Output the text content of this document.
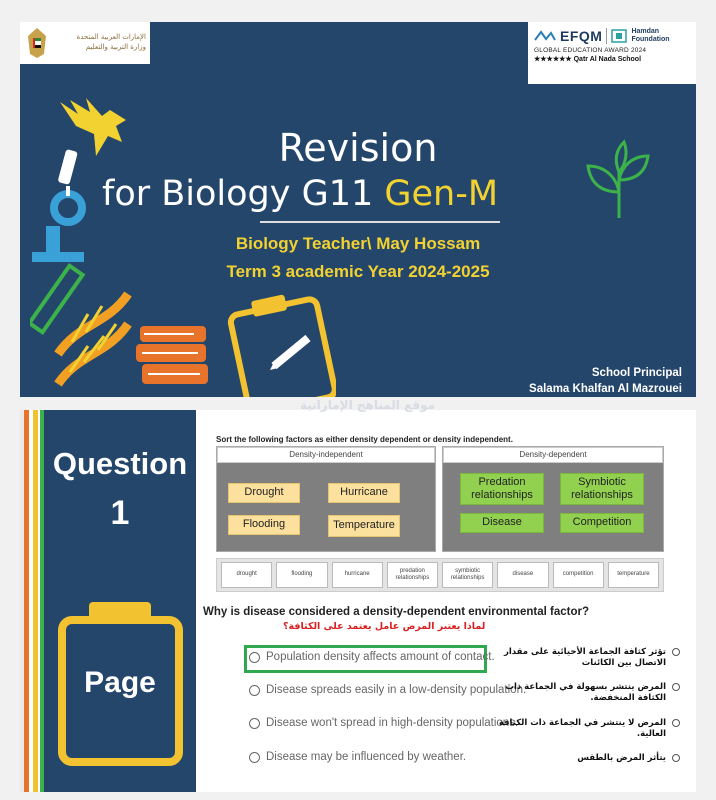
الإمارات العربية المتحدة
وزارة التربية والتعليم
EFQM	Hamdan Foundation
GLOBAL EDUCATION AWARD 2024
★★★★★★ Qatr Al Nada School
Revision
for Biology G11 Gen-M
Biology Teacher\ May Hossam
Term 3 academic Year 2024-2025
School Principal
Salama Khalfan Al Mazrouei
Question
1
Page
Sort the following factors as either density dependent or density independent.
Density-independent
Drought	Hurricane
Flooding	Temperature
Density-dependent
Predation relationships
Symbiotic relationships
Disease	Competition
drought	flooding	hurricane
predation relationships
symbiotic relationships
disease	competition	temperature
Why is disease considered a density-dependent environmental factor?
لماذا يعتبر المرض عامل يعتمد على الكثافة؟
Population density affects amount of contact.
Disease spreads easily in a low-density population.
Disease won't spread in high-density populations.
Disease may be influenced by weather.
تؤثر كثافة الجماعة الأحيائية على مقدار الاتصال بين الكائنات
المرض ينتشر بسهولة في الجماعة ذات الكثافة المنخفضة.
المرض لا ينتشر في الجماعة ذات الكثافة العالية.
يتأثر المرض بالطقس
موقع المناهج الإماراتية
